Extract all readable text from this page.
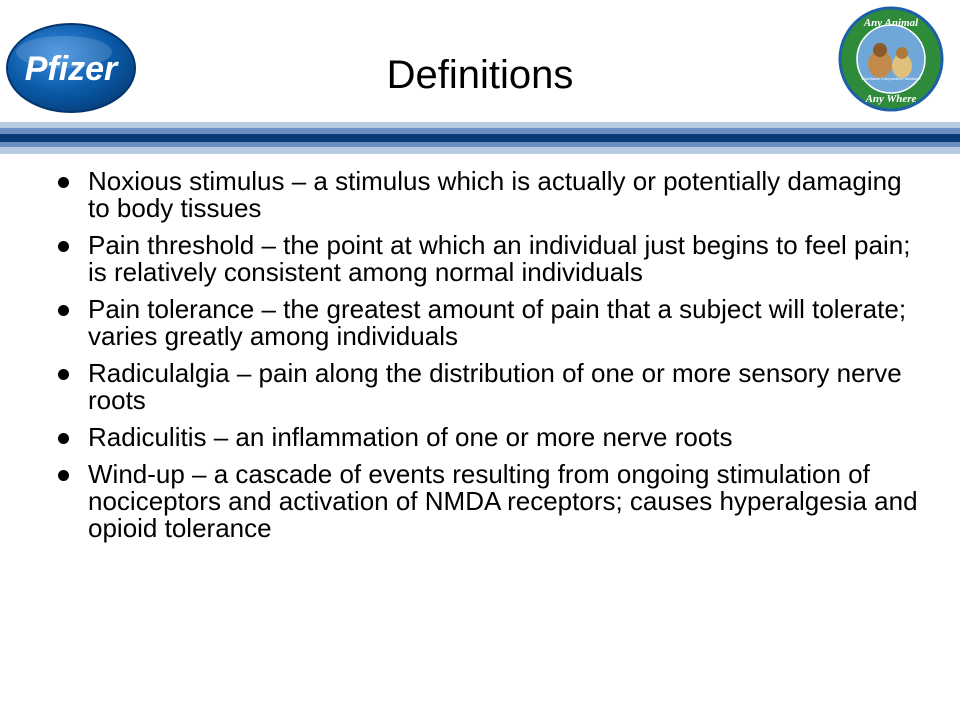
Pfizer	Definitions
Any Animal
Any Where
Worldwide Comparative Medicine
Noxious stimulus – a stimulus which is actually or potentially damaging to body tissues
Pain threshold – the point at which an individual just begins to feel pain; is relatively consistent among normal individuals
Pain tolerance – the greatest amount of pain that a subject will tolerate; varies greatly among individuals
Radiculalgia – pain along the distribution of one or more sensory nerve roots
Radiculitis – an inflammation of one or more nerve roots
Wind-up – a cascade of events resulting from ongoing stimulation of nociceptors and activation of NMDA receptors; causes hyperalgesia and opioid tolerance
